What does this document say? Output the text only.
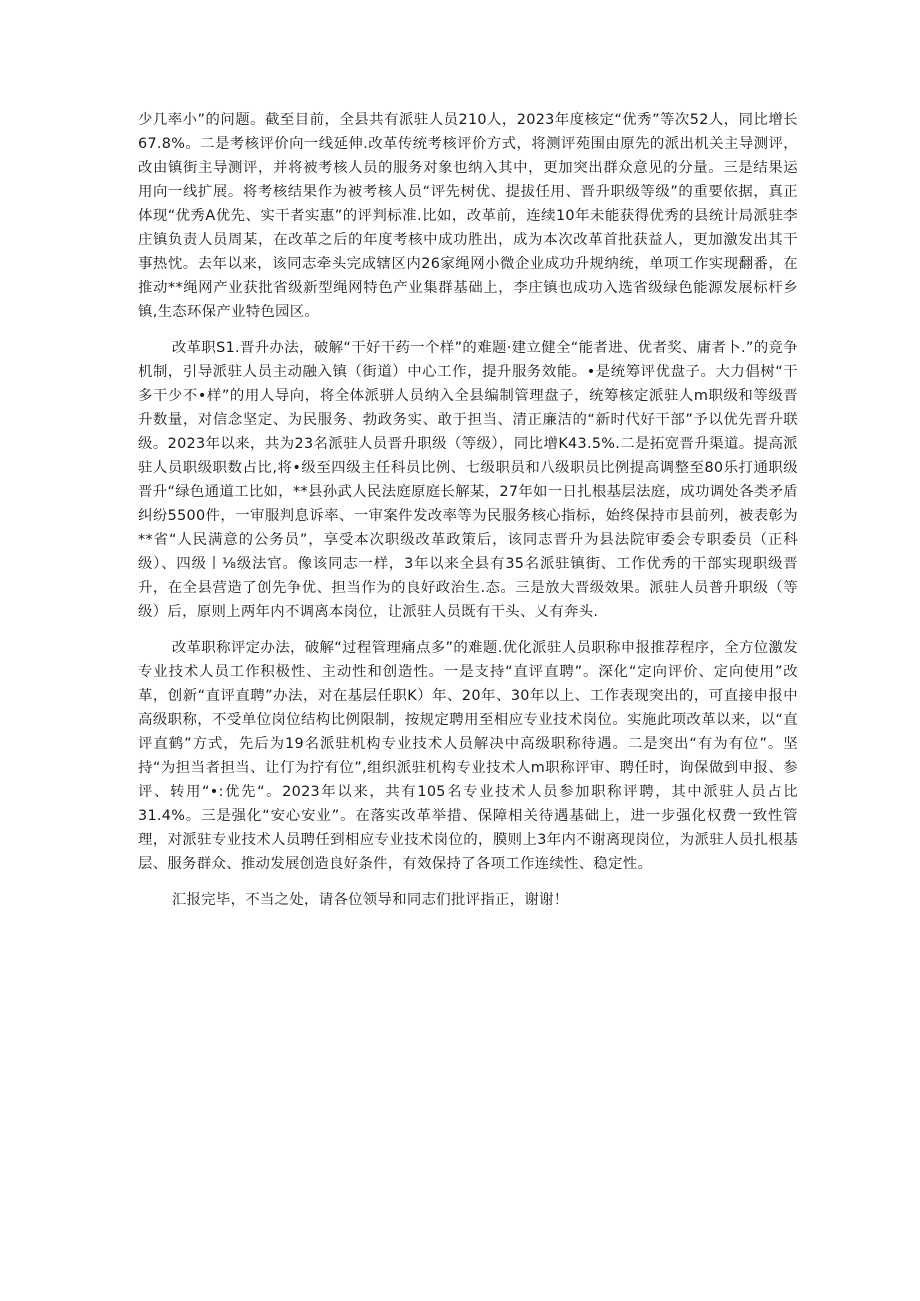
少几率小”的问题。截至目前，全县共有派驻人员210人，2023年度核定“优秀”等次52人，同比增长67.8%。二是考核评价向一线延伸.改革传统考核评价方式，将测评苑围由原先的派出机关主导测评，改由镇街主导测评，并将被考核人员的服务对象也纳入其中，更加突出群众意见的分量。三是结果运用向一线扩展。将考核结果作为被考核人员“评先树优、提拔任用、晋升职级等级”的重要依据，真正体现“优秀A优先、实干者实惠”的评判标准.比如，改革前，连续10年未能获得优秀的县统计局派驻李庄镇负责人员周某，在改革之后的年度考核中成功胜出，成为本次改革首批获益人，更加激发出其干事热忱。去年以来，该同志牵头完成辖区内26家绳网小微企业成功升规纳统，单项工作实现翻番，在推动**绳网产业获批省级新型绳网特色产业集群基础上，李庄镇也成功入选省级绿色能源发展标杆乡镇,生态环保产业特色园区。

改革职S1.晋升办法，破解“干好干药一个样”的难题·建立健全“能者进、优者奖、庸者卜.”的竞争机制，引导派驻人员主动融入镇（街道）中心工作，提升服务效能。•是统筹评优盘子。大力倡树“干多干少不•样”的用人导向，将全体派骈人员纳入全县编制管理盘子，统筹核定派驻人m职级和等级晋升数量，对信念坚定、为民服务、勃政务实、敢于担当、清正廉洁的“新时代好干部”予以优先晋升联级。2023年以来，共为23名派驻人员晋升职级（等级），同比增K43.5%.二是拓宽晋升渠道。提高派驻人员职级职数占比,将•级至四级主任科员比例、七级职员和八级职员比例提高调整至80乐打通职级晋升“绿色通道工比如，**县孙武人民法庭原庭长解某，27年如一日扎根基层法庭，成功调处各类矛盾纠纷5500件，一审服判息诉率、一审案件发改率等为民服务核心指标，始终保持市县前列，被表彰为**省“人民满意的公务员”，享受本次职级改革政策后，该同志晋升为县法院审委会专职委员（正科级）、四级丨⅛级法官。像该同志一样，3年以来全县有35名派驻镇街、工作优秀的干部实现职级晋升，在全县营造了创先争优、担当作为的良好政治生.态。三是放大晋级效果。派驻人员普升职级（等级）后，原则上两年内不调离本岗位，让派驻人员既有干头、乂有奔头.

改革职称评定办法，破解“过程管理痛点多”的难题.优化派驻人员职称申报推荐程序，全方位激发专业技术人员工作积极性、主动性和创造性。一是支持“直评直聘”。深化“定向评价、定向使用”改革，创新“直评直聘”办法，对在基层任职K）年、20年、30年以上、工作表现突出的，可直接申报中高级职称，不受单位岗位结构比例限制，按规定聘用至相应专业技术岗位。实施此项改革以来，以“直评直鹤”方式，先后为19名派驻机构专业技术人员解决中高级职称待遇。二是突出“有为有位”。坚持“为担当者担当、让仃为拧有位”,组织派驻机构专业技术人m职称评审、聘任时，询保做到申报、参评、转用“•:优先“。2023年以来，共有105名专业技术人员参加职称评聘，其中派驻人员占比31.4%。三是强化“安心安业”。在落实改革举措、保障相关待遇基础上，进一步强化权费一致性管理，对派驻专业技术人员聘任到相应专业技术岗位的，膜则上3年内不谢离现岗位，为派驻人员扎根基层、服务群众、推动发展创造良好条件，有效保持了各项工作连续性、稳定性。

汇报完毕，不当之处，请各位领导和同志们批评指正，谢谢！
